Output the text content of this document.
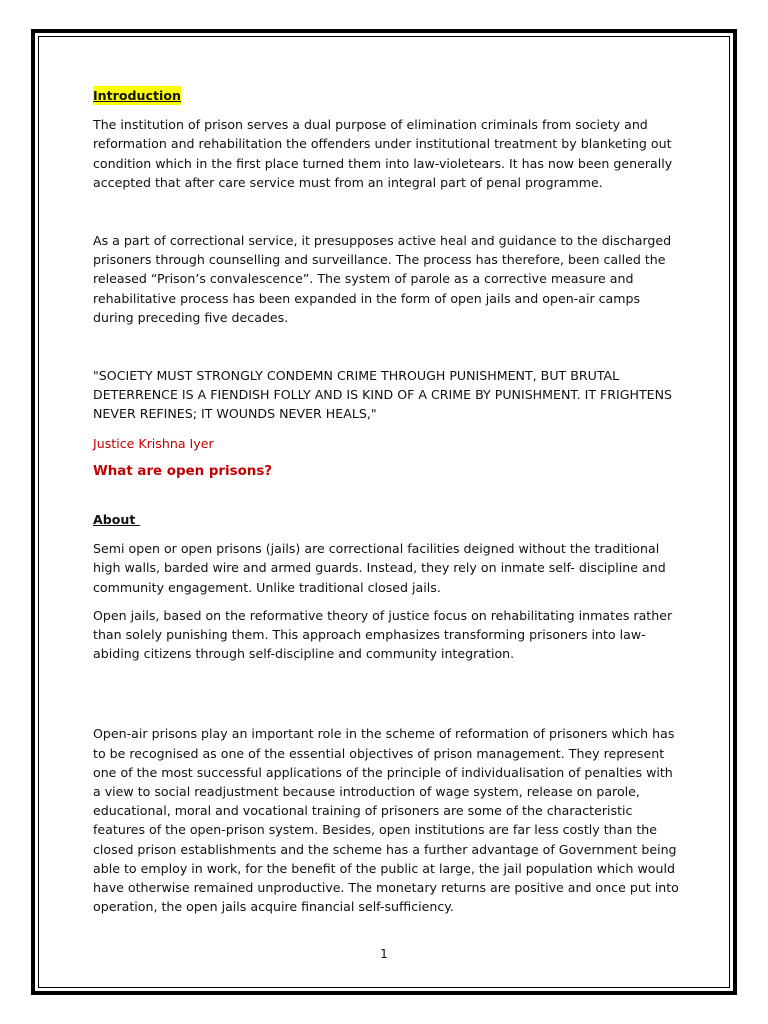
Introduction

The institution of prison serves a dual purpose of elimination criminals from society and reformation and rehabilitation the offenders under institutional treatment by blanketing out condition which in the first place turned them into law-violetears. It has now been generally accepted that after care service must from an integral part of penal programme.

As a part of correctional service, it presupposes active heal and guidance to the discharged prisoners through counselling and surveillance. The process has therefore, been called the released “Prison’s convalescence”. The system of parole as a corrective measure and rehabilitative process has been expanded in the form of open jails and open-air camps during preceding five decades.

"SOCIETY MUST STRONGLY CONDEMN CRIME THROUGH PUNISHMENT, BUT BRUTAL DETERRENCE IS A FIENDISH FOLLY AND IS KIND OF A CRIME BY PUNISHMENT. IT FRIGHTENS NEVER REFINES; IT WOUNDS NEVER HEALS,"

Justice Krishna Iyer

What are open prisons?

About

Semi open or open prisons (jails) are correctional facilities deigned without the traditional high walls, barded wire and armed guards. Instead, they rely on inmate self- discipline and community engagement. Unlike traditional closed jails.

Open jails, based on the reformative theory of justice focus on rehabilitating inmates rather than solely punishing them. This approach emphasizes transforming prisoners into law-abiding citizens through self-discipline and community integration.

Open-air prisons play an important role in the scheme of reformation of prisoners which has to be recognised as one of the essential objectives of prison management. They represent one of the most successful applications of the principle of individualisation of penalties with a view to social readjustment because introduction of wage system, release on parole, educational, moral and vocational training of prisoners are some of the characteristic features of the open-prison system. Besides, open institutions are far less costly than the closed prison establishments and the scheme has a further advantage of Government being able to employ in work, for the benefit of the public at large, the jail population which would have otherwise remained unproductive. The monetary returns are positive and once put into operation, the open jails acquire financial self-sufficiency.

1
